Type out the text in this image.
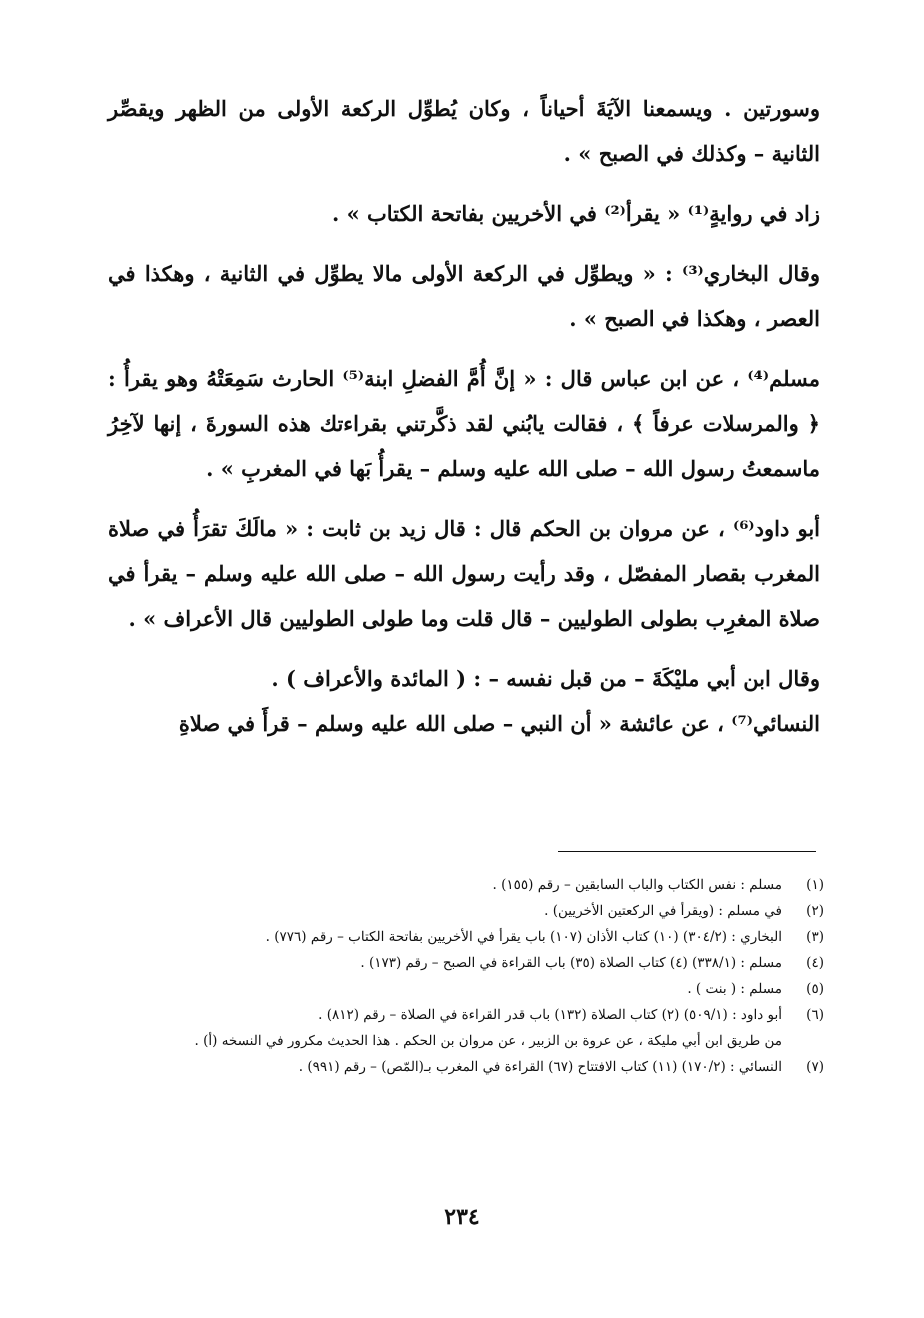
وسورتين . ويسمعنا الآيَةَ أحياناً ، وكان يُطوِّل الركعة الأولى من الظهر ويقصِّر الثانية – وكذلك في الصبح » .

زاد في روايةٍ⁽¹⁾ « يقرأ⁽²⁾ في الأخريين بفاتحة الكتاب » .

وقال البخاري⁽³⁾ : « ويطوِّل في الركعة الأولى مالا يطوِّل في الثانية ، وهكذا في العصر ، وهكذا في الصبح » .

مسلم⁽⁴⁾ ، عن ابن عباس قال : « إنَّ أُمَّ الفضلِ ابنة⁽⁵⁾ الحارث سَمِعَتْهُ وهو يقرأُ : ﴿ والمرسلات عرفاً ﴾ ، فقالت يابُني لقد ذكَّرتني بقراءتك هذه السورةَ ، إنها لآخِرُ ماسمعتُ رسول الله – صلى الله عليه وسلم – يقرأُ بَها في المغربِ » .

أبو داود⁽⁶⁾ ، عن مروان بن الحكم قال : قال زيد بن ثابت : « مالَكَ تقرَأُ في صلاة المغرب بقصار المفصّل ، وقد رأيت رسول الله – صلى الله عليه وسلم – يقرأ في صلاة المغرِب بطولى الطوليين – قال قلت وما طولى الطوليين قال الأعراف » .

وقال ابن أبي مليْكَةَ – من قبل نفسه – : ( المائدة والأعراف ) .

النسائي⁽⁷⁾ ، عن عائشة « أن النبي – صلى الله عليه وسلم – قرأَ في صلاةِ

(١)
مسلم : نفس الكتاب والباب السابقين – رقم (١٥٥) .
(٢)
في مسلم : (ويقرأ في الركعتين الأخريين) .
(٣)
البخاري : (٣٠٤/٢) (١٠) كتاب الأذان (١٠٧) باب يقرأ في الأخريين بفاتحة الكتاب – رقم (٧٧٦) .
(٤)
مسلم : (٣٣٨/١) (٤) كتاب الصلاة (٣٥) باب القراءة في الصبح – رقم (١٧٣) .
(٥)
مسلم : ( بنت ) .
(٦)
أبو داود : (٥٠٩/١) (٢) كتاب الصلاة (١٣٢) باب قدر القراءة في الصلاة – رقم (٨١٢) .
من طريق ابن أبي مليكة ، عن عروة بن الزبير ، عن مروان بن الحكم . هذا الحديث مكرور في النسخه (أ) .
(٧)
النسائي : (١٧٠/٢) (١١) كتاب الافتتاح (٦٧) القراءة في المغرب بـ(المّص) – رقم (٩٩١) .
٢٣٤
